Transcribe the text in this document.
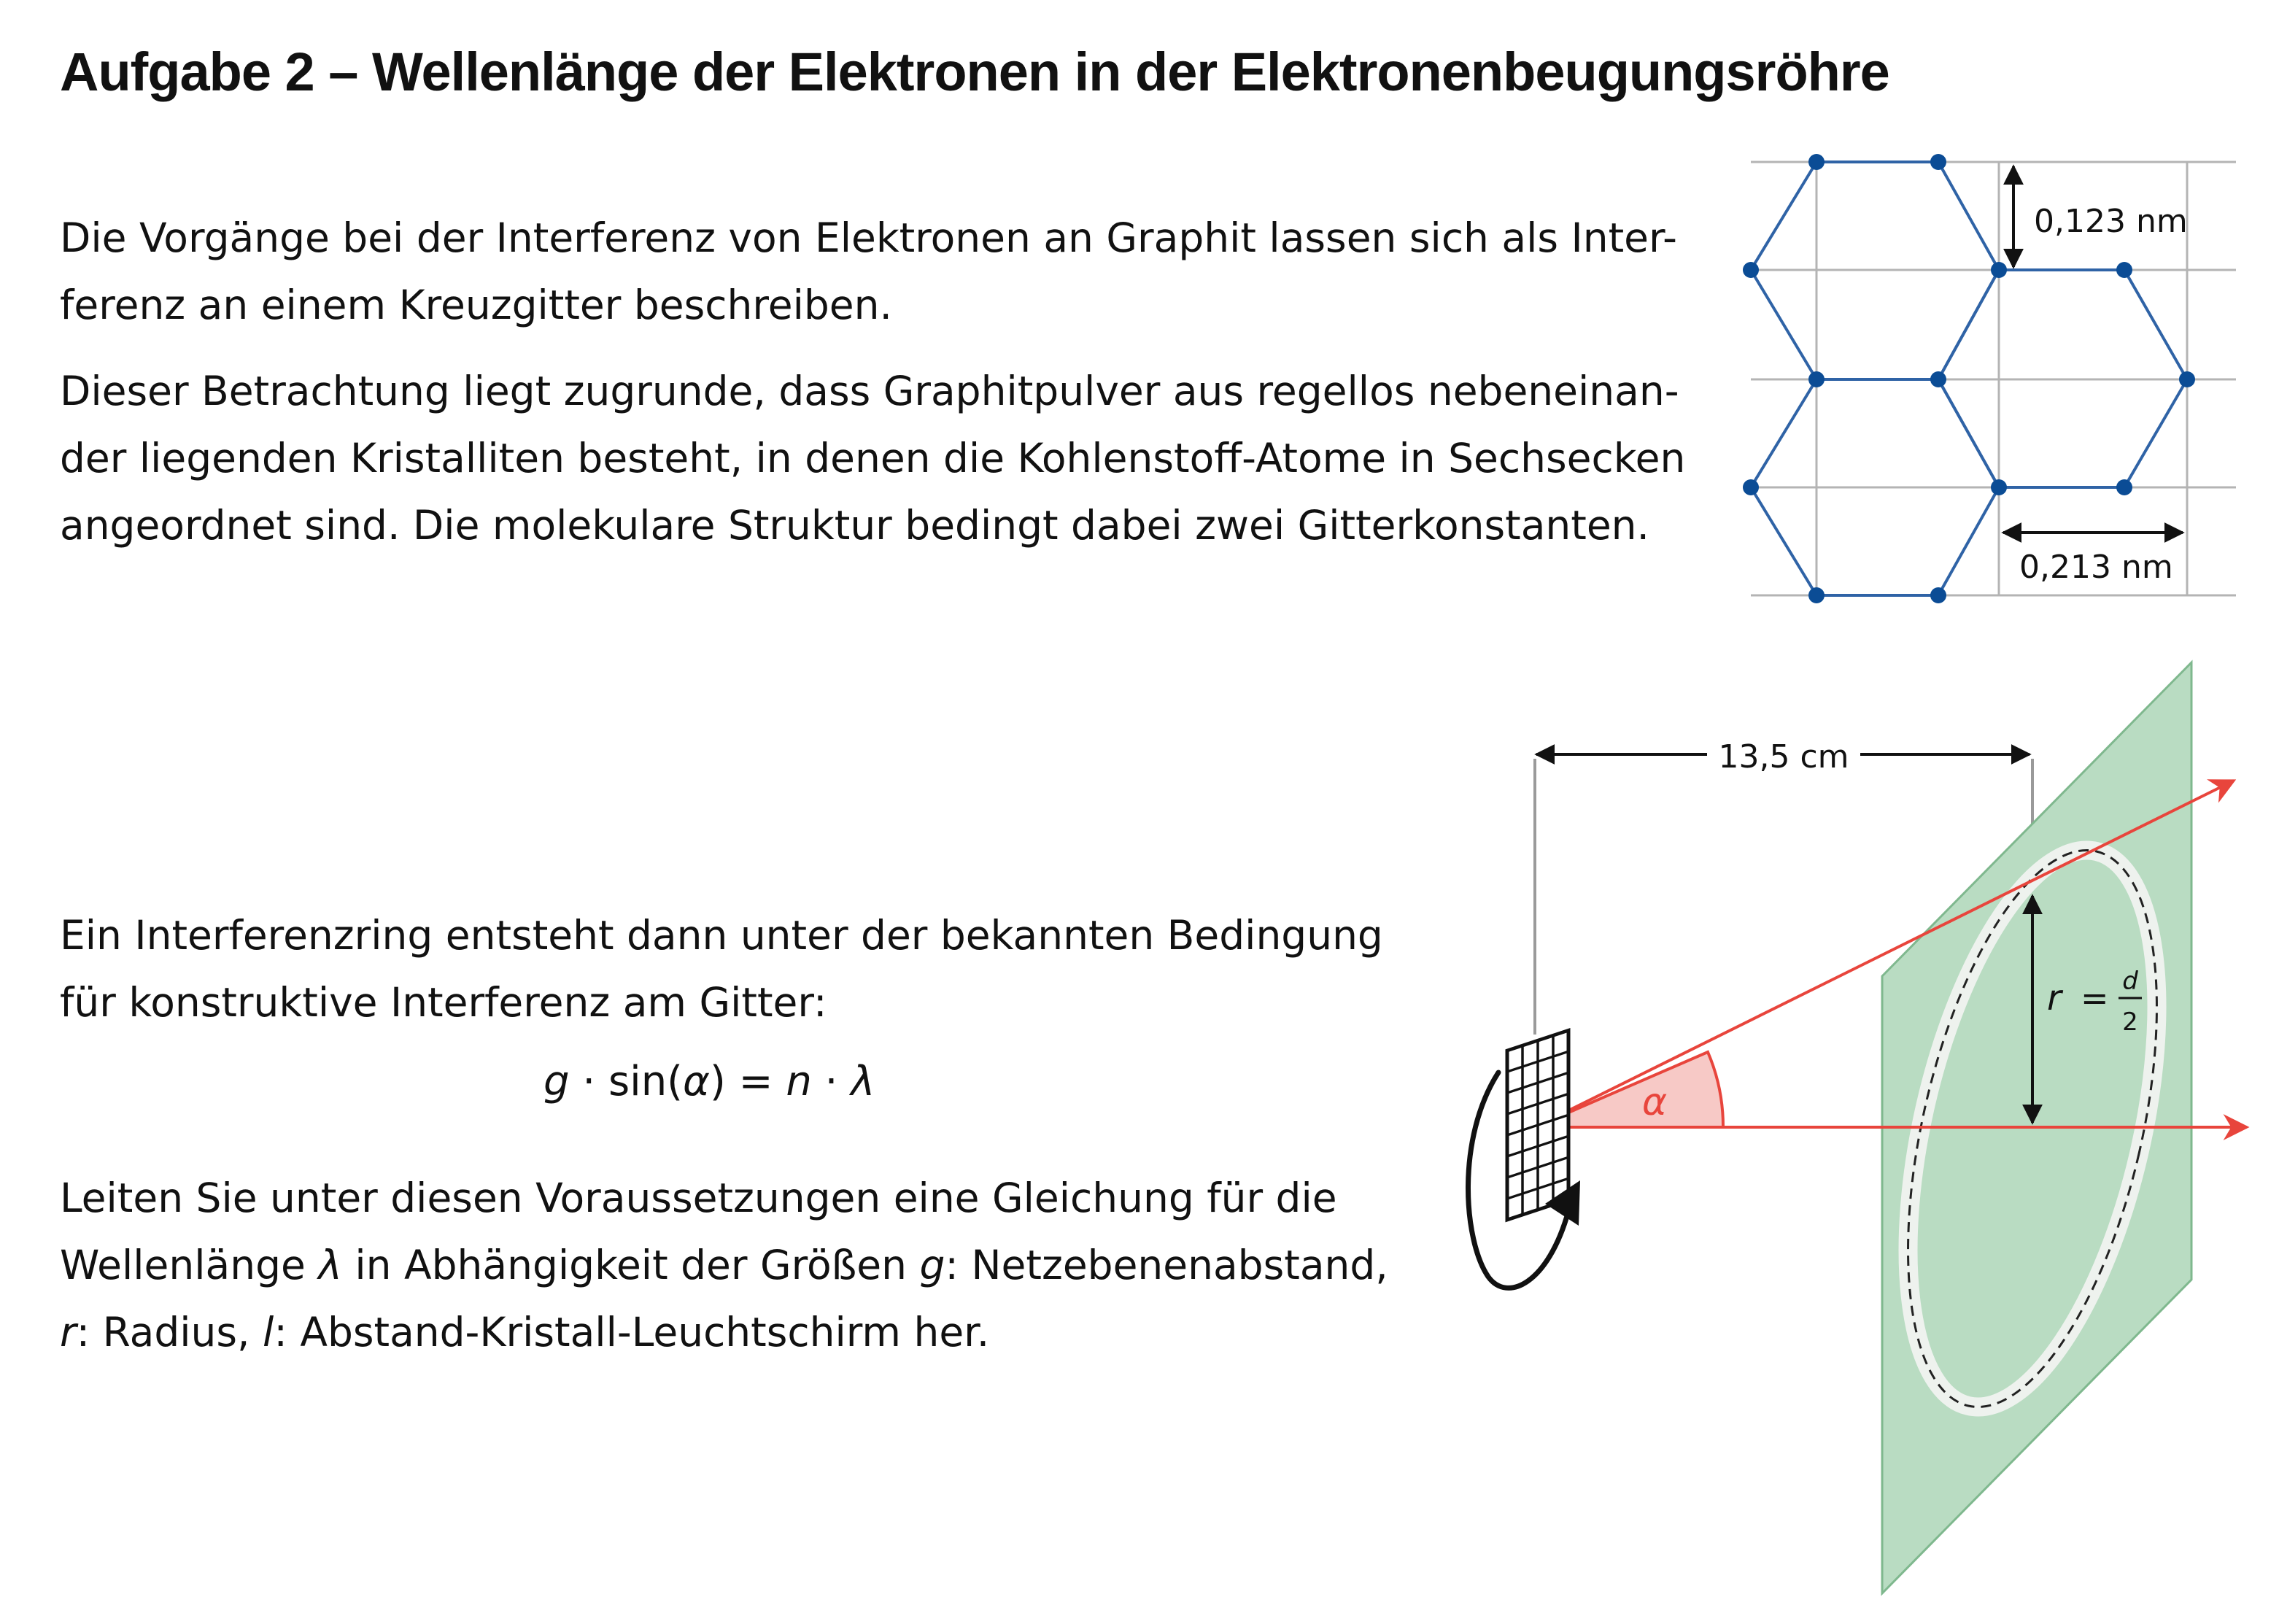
Aufgabe 2 – Wellenlänge der Elektronen in der Elektronenbeugungsröhre

Die Vorgänge bei der Interferenz von Elektronen an Graphit lassen sich als Inter-
ferenz an einem Kreuzgitter beschreiben.

Dieser Betrachtung liegt zugrunde, dass Graphitpulver aus regellos nebeneinan-
der liegenden Kristalliten besteht, in denen die Kohlenstoff-Atome in Sechsecken
angeordnet sind. Die molekulare Struktur bedingt dabei zwei Gitterkonstanten.

Ein Interferenzring entsteht dann unter der bekannten Bedingung
für konstruktive Interferenz am Gitter:

g · sin(α) = n · λ

Leiten Sie unter diesen Voraussetzungen eine Gleichung für die
Wellenlänge λ in Abhängigkeit der Größen g: Netzebenenabstand,
r: Radius, l: Abstand-Kristall-Leuchtschirm her.

0,123 nm
0,213 nm
13,5 cm
α
r = d
2
